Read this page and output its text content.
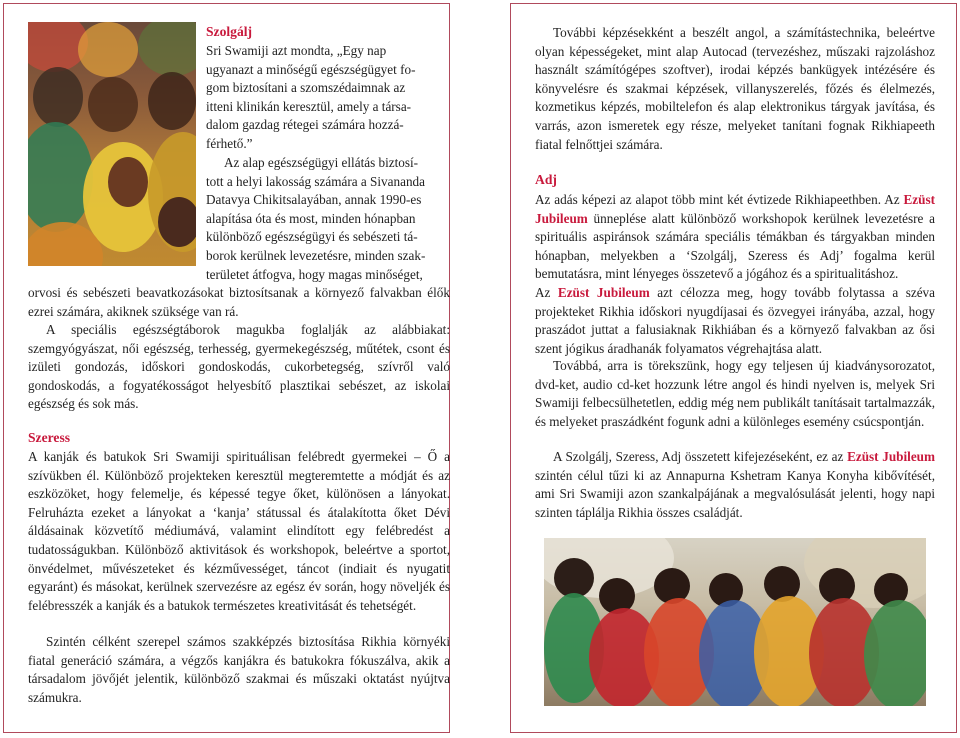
Szolgálj
Sri Swamiji azt mondta, „Egy nap
ugyanazt a minőségű egészségügyet fo-
gom biztosítani a szomszédaimnak az
itteni klinikán keresztül, amely a társa-
dalom gazdag rétegei számára hozzá-
férhető.”
Az alap egészségügyi ellátás biztosí-
tott a helyi lakosság számára a Sivananda
Datavya Chikitsalayában, annak 1990-es
alapítása óta és most, minden hónapban
különböző egészségügyi és sebészeti tá-
borok kerülnek levezetésre, minden szak-
területet átfogva, hogy magas minőséget,

orvosi és sebészeti beavatkozásokat biztosítsanak a környező falvakban élők ezrei számára, akiknek szüksége van rá.

A speciális egészségtáborok magukba foglalják az alábbiakat: szemgyógyászat, női egészség, terhesség, gyermekegészség, műtétek, csont és izületi gondozás, időskori gondoskodás, cukorbetegség, szívről való gondoskodás, a fogyatékosságot helyesbítő plasztikai sebészet, az iskolai egészség és sok más.

Szeress

A kanják és batukok Sri Swamiji spirituálisan felébredt gyermekei – Ő a szívükben él. Különböző projekteken keresztül megteremtette a módját és az eszközöket, hogy felemelje, és képessé tegye őket, különösen a lányokat. Felruházta ezeket a lányokat a ‘kanja’ státussal és átalakította őket Dévi áldásainak közvetítő médiumává, valamint elindított egy felébredést a tudatosságukban. Különböző aktivitások és workshopok, beleértve a sportot, önvédelmet, művészeteket és kézművességet, táncot (indiait és nyugatit egyaránt) és másokat, kerülnek szervezésre az egész év során, hogy növeljék és felébresszék a kanják és a batukok természetes kreativitását és tehetségét.

Szintén célként szerepel számos szakképzés biztosítása Rikhia környéki fiatal generáció számára, a végzős kanjákra és batukokra fókuszálva, akik a társadalom jövőjét jelentik, különböző szakmai és műszaki oktatást nyújtva számukra.

További képzésekként a beszélt angol, a számítástechnika, beleértve olyan képességeket, mint alap Autocad (tervezéshez, műszaki rajzoláshoz használt számítógépes szoftver), irodai képzés bankügyek intézésére és könyvelésre és szakmai képzések, villanyszerelés, főzés és élelmezés, kozmetikus képzés, mobiltelefon és alap elektronikus tárgyak javítása, és varrás, azon ismeretek egy része, melyeket tanítani fognak Rikhiapeeth fiatal felnőttjei számára.

Adj

Az adás képezi az alapot több mint két évtizede Rikhiapeethben. Az Ezüst Jubileum ünneplése alatt különböző workshopok kerülnek levezetésre a spirituális aspiránsok számára speciális témákban és tárgyakban minden hónapban, melyekben a ‘Szolgálj, Szeress és Adj’ fogalma kerül bemutatásra, mint lényeges összetevő a jógához és a spiritualitáshoz.

Az Ezüst Jubileum azt célozza meg, hogy tovább folytassa a széva projekteket Rikhia időskori nyugdíjasai és özvegyei irányába, azzal, hogy praszádot juttat a falusiaknak Rikhiában és a környező falvakban az ősi szent jógikus áradhanák folyamatos végrehajtása alatt.

Továbbá, arra is törekszünk, hogy egy teljesen új kiadványsorozatot, dvd-ket, audio cd-ket hozzunk létre angol és hindi nyelven is, melyek Sri Swamiji felbecsülhetetlen, eddig még nem publikált tanításait tartalmazzák, és melyeket praszádként fogunk adni a különleges esemény csúcspontján.

A Szolgálj, Szeress, Adj összetett kifejezéseként, ez az Ezüst Jubileum szintén célul tűzi ki az Annapurna Kshetram Kanya Konyha kibővítését, ami Sri Swamiji azon szankalpájának a megvalósulását jelenti, hogy napi szinten táplálja Rikhia összes családját.
